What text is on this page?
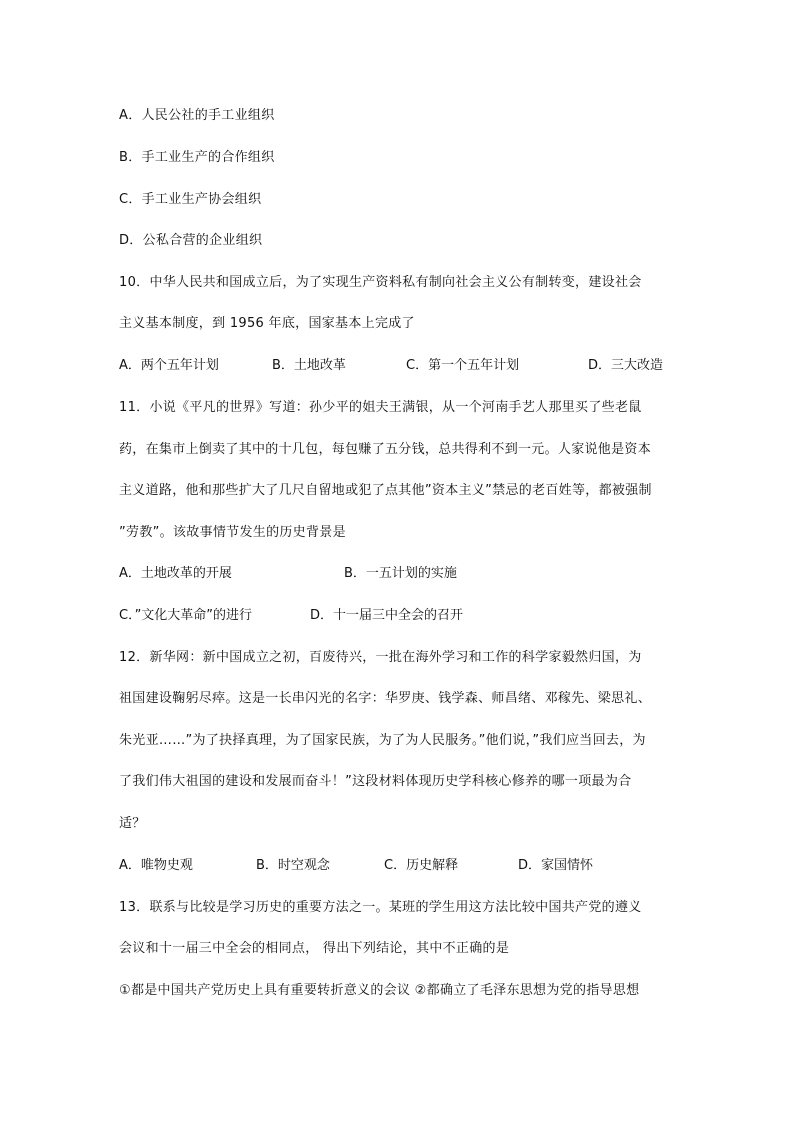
A．人民公社的手工业组织
B．手工业生产的合作组织
C．手工业生产协会组织
D．公私合营的企业组织
10．中华人民共和国成立后，为了实现生产资料私有制向社会主义公有制转变，建设社会
主义基本制度，到 1956 年底，国家基本上完成了
A．两个五年计划	B．土地改革	C．第一个五年计划	D．三大改造
11．小说《平凡的世界》写道：孙少平的姐夫王满银，从一个河南手艺人那里买了些老鼠
药，在集市上倒卖了其中的十几包，每包赚了五分钱，总共得利不到一元。人家说他是资本
主义道路，他和那些扩大了几尺自留地或犯了点其他”资本主义”禁忌的老百姓等，都被强制
”劳教”。该故事情节发生的历史背景是
A．土地改革的开展	B．一五计划的实施
C．”文化大革命”的进行	D．十一届三中全会的召开
12．新华网：新中国成立之初，百废待兴，一批在海外学习和工作的科学家毅然归国，为
祖国建设鞠躬尽瘁。这是一长串闪光的名字：华罗庚、钱学森、师昌绪、邓稼先、梁思礼、
朱光亚……”为了抉择真理，为了国家民族，为了为人民服务。”他们说，”我们应当回去，为
了我们伟大祖国的建设和发展而奋斗！”这段材料体现历史学科核心修养的哪一项最为合
适？
A．唯物史观	B．时空观念	C．历史解释	D．家国情怀
13．联系与比较是学习历史的重要方法之一。某班的学生用这方法比较中国共产党的遵义
会议和十一届三中全会的相同点， 得出下列结论，其中不正确的是
①都是中国共产党历史上具有重要转折意义的会议 ②都确立了毛泽东思想为党的指导思想
